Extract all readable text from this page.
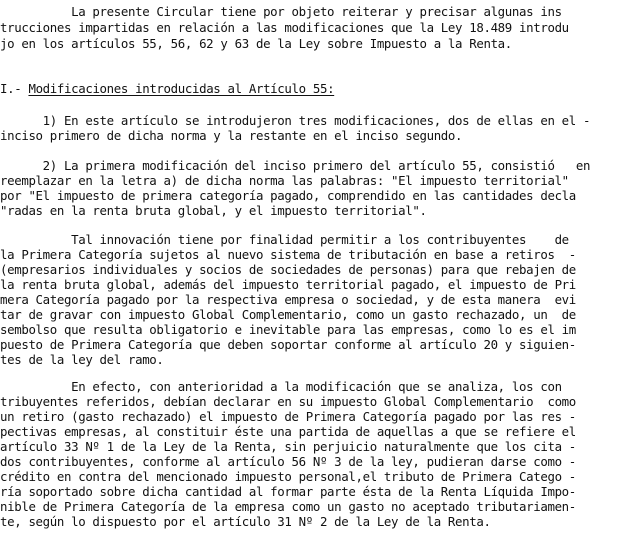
La presente Circular tiene por objeto reiterar y precisar algunas ins
trucciones impartidas en relación a las modificaciones que la Ley 18.489 introdu
jo en los artículos 55, 56, 62 y 63 de la Ley sobre Impuesto a la Renta.
I.- Modificaciones introducidas al Artículo 55:
1) En este artículo se introdujeron tres modificaciones, dos de ellas en el -
inciso primero de dicha norma y la restante en el inciso segundo.
2) La primera modificación del inciso primero del artículo 55, consistió   en
reemplazar en la letra a) de dicha norma las palabras: "El impuesto territorial"
por "El impuesto de primera categoría pagado, comprendido en las cantidades decla
"radas en la renta bruta global, y el impuesto territorial".
Tal innovación tiene por finalidad permitir a los contribuyentes    de
la Primera Categoría sujetos al nuevo sistema de tributación en base a retiros  -
(empresarios individuales y socios de sociedades de personas) para que rebajen de
la renta bruta global, además del impuesto territorial pagado, el impuesto de Pri
mera Categoría pagado por la respectiva empresa o sociedad, y de esta manera  evi
tar de gravar con impuesto Global Complementario, como un gasto rechazado, un  de
sembolso que resulta obligatorio e inevitable para las empresas, como lo es el im
puesto de Primera Categoría que deben soportar conforme al artículo 20 y siguien-
tes de la ley del ramo.
En efecto, con anterioridad a la modificación que se analiza, los con
tribuyentes referidos, debían declarar en su impuesto Global Complementario  como
un retiro (gasto rechazado) el impuesto de Primera Categoría pagado por las res -
pectivas empresas, al constituir éste una partida de aquellas a que se refiere el
artículo 33 Nº 1 de la Ley de la Renta, sin perjuicio naturalmente que los cita -
dos contribuyentes, conforme al artículo 56 Nº 3 de la ley, pudieran darse como -
crédito en contra del mencionado impuesto personal,el tributo de Primera Catego -
ría soportado sobre dicha cantidad al formar parte ésta de la Renta Líquida Impo-
nible de Primera Categoría de la empresa como un gasto no aceptado tributariamen-
te, según lo dispuesto por el artículo 31 Nº 2 de la Ley de la Renta.
